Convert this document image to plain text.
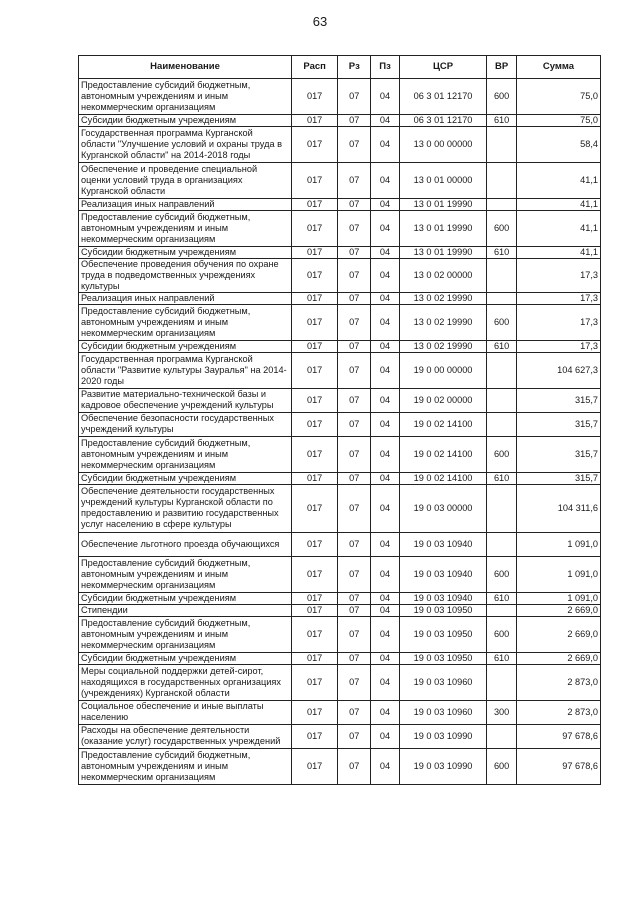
63
Наименование	Расп	Рз	Пз	ЦСР	ВР	Сумма
Предоставление субсидий бюджетным, автономным учреждениям и иным некоммерческим организациям	017	07	04	06 3 01 12170	600	75,0
Субсидии бюджетным учреждениям	017	07	04	06 3 01 12170	610	75,0
Государственная программа Курганской области "Улучшение условий и охраны труда в Курганской области" на 2014-2018 годы	017	07	04	13 0 00 00000		58,4
Обеспечение и проведение специальной оценки условий труда в организациях Курганской области	017	07	04	13 0 01 00000		41,1
Реализация иных направлений	017	07	04	13 0 01 19990		41,1
Предоставление субсидий бюджетным, автономным учреждениям и иным некоммерческим организациям	017	07	04	13 0 01 19990	600	41,1
Субсидии бюджетным учреждениям	017	07	04	13 0 01 19990	610	41,1
Обеспечение проведения обучения по охране труда в подведомственных учреждениях культуры	017	07	04	13 0 02 00000		17,3
Реализация иных направлений	017	07	04	13 0 02 19990		17,3
Предоставление субсидий бюджетным, автономным учреждениям и иным некоммерческим организациям	017	07	04	13 0 02 19990	600	17,3
Субсидии бюджетным учреждениям	017	07	04	13 0 02 19990	610	17,3
Государственная программа Курганской области "Развитие культуры Зауралья" на 2014-2020 годы	017	07	04	19 0 00 00000		104 627,3
Развитие материально-технической базы и кадровое обеспечение учреждений культуры	017	07	04	19 0 02 00000		315,7
Обеспечение безопасности государственных учреждений культуры	017	07	04	19 0 02 14100		315,7
Предоставление субсидий бюджетным, автономным учреждениям и иным некоммерческим организациям	017	07	04	19 0 02 14100	600	315,7
Субсидии бюджетным учреждениям	017	07	04	19 0 02 14100	610	315,7
Обеспечение деятельности государственных учреждений культуры Курганской области по предоставлению и развитию государственных услуг населению в сфере культуры	017	07	04	19 0 03 00000		104 311,6
Обеспечение льготного проезда обучающихся	017	07	04	19 0 03 10940		1 091,0
Предоставление субсидий бюджетным, автономным учреждениям и иным некоммерческим организациям	017	07	04	19 0 03 10940	600	1 091,0
Субсидии бюджетным учреждениям	017	07	04	19 0 03 10940	610	1 091,0
Стипендии	017	07	04	19 0 03 10950		2 669,0
Предоставление субсидий бюджетным, автономным учреждениям и иным некоммерческим организациям	017	07	04	19 0 03 10950	600	2 669,0
Субсидии бюджетным учреждениям	017	07	04	19 0 03 10950	610	2 669,0
Меры социальной поддержки детей-сирот, находящихся в государственных организациях (учреждениях) Курганской области	017	07	04	19 0 03 10960		2 873,0
Социальное обеспечение и иные выплаты населению	017	07	04	19 0 03 10960	300	2 873,0
Расходы на обеспечение деятельности (оказание услуг) государственных учреждений	017	07	04	19 0 03 10990		97 678,6
Предоставление субсидий бюджетным, автономным учреждениям и иным некоммерческим организациям	017	07	04	19 0 03 10990	600	97 678,6
